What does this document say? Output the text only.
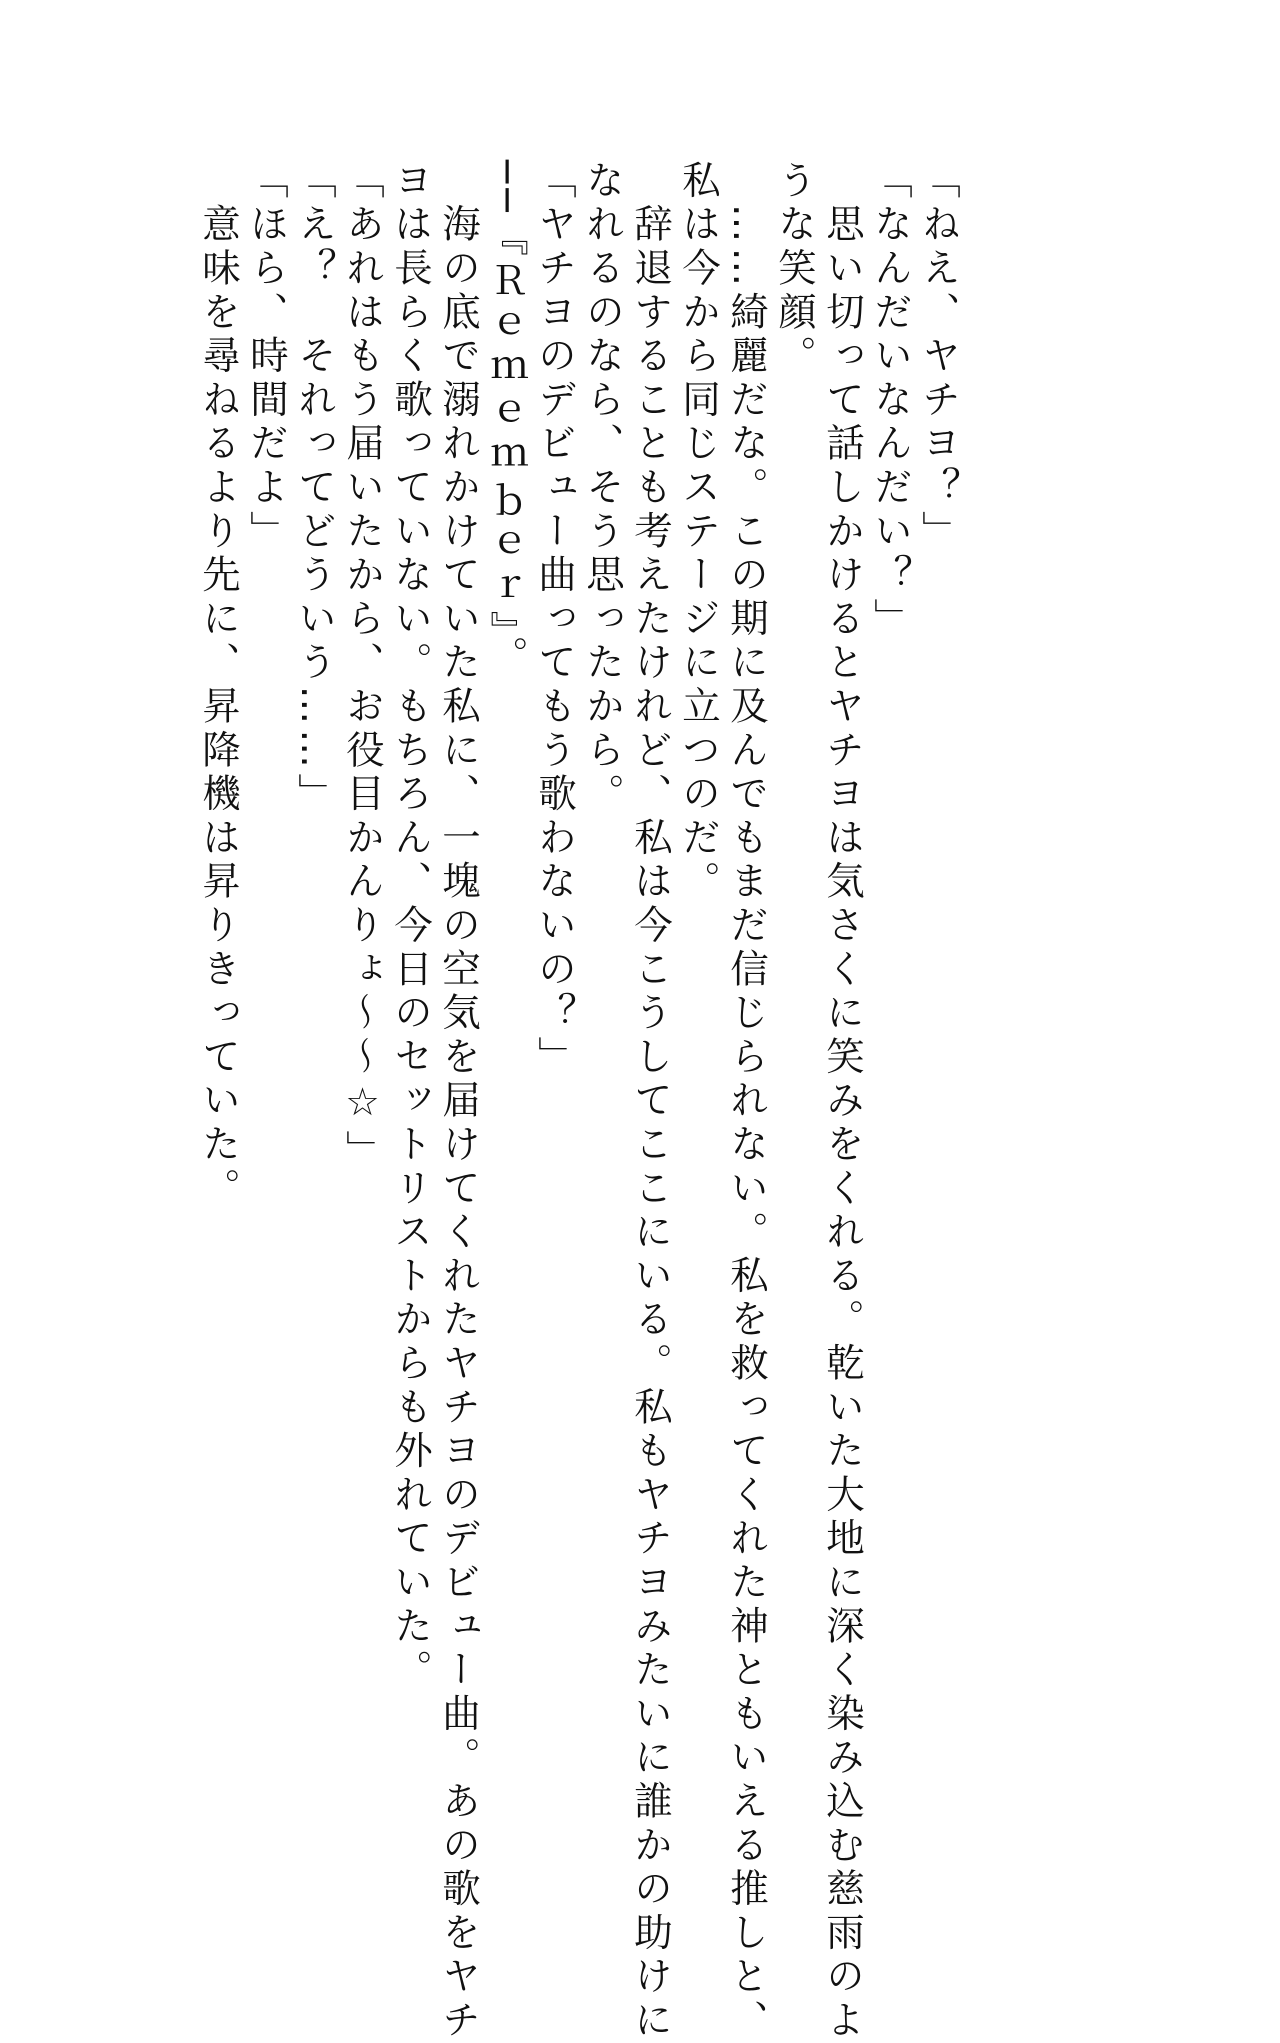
「ねえ、ヤチヨ？」
「なんだいなんだい？」
　思い切って話しかけるとヤチヨは気さくに笑みをくれる。乾いた大地に深く染み込む慈雨のよ
うな笑顔。
　……綺麗だな。この期に及んでもまだ信じられない。私を救ってくれた神ともいえる推しと、
私は今から同じステージに立つのだ。
　辞退することも考えたけれど、私は今こうしてここにいる。私もヤチヨみたいに誰かの助けに
なれるのなら、そう思ったから。
「ヤチヨのデビュー曲ってもう歌わないの？」
──『Ｒｅｍｅｍｂｅｒ』。
　海の底で溺れかけていた私に、一塊の空気を届けてくれたヤチヨのデビュー曲。あの歌をヤチ
ヨは長らく歌っていない。もちろん、今日のセットリストからも外れていた。
「あれはもう届いたから、お役目かんりょ～～☆」
「え？　それってどういう……」
「ほら、時間だよ」
　意味を尋ねるより先に、昇降機は昇りきっていた。
